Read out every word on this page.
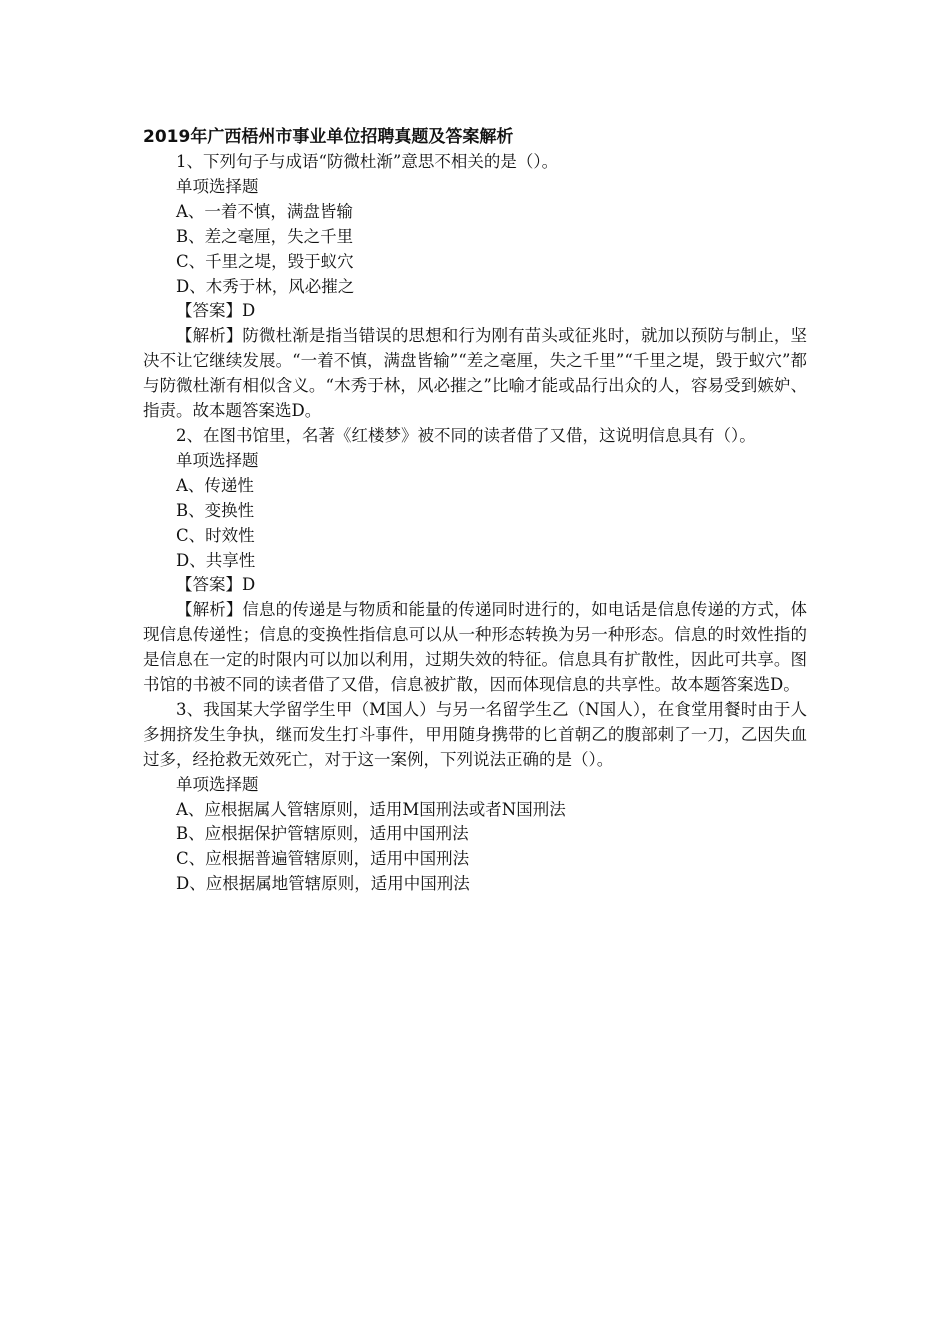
2019年广西梧州市事业单位招聘真题及答案解析
1、下列句子与成语“防微杜渐”意思不相关的是（）。
单项选择题
A、一着不慎，满盘皆输
B、差之毫厘，失之千里
C、千里之堤，毁于蚁穴
D、木秀于林，风必摧之
【答案】D
【解析】防微杜渐是指当错误的思想和行为刚有苗头或征兆时，就加以预防与制止，坚决不让它继续发展。“一着不慎，满盘皆输”“差之毫厘，失之千里”“千里之堤，毁于蚁穴”都与防微杜渐有相似含义。“木秀于林，风必摧之”比喻才能或品行出众的人，容易受到嫉妒、指责。故本题答案选D。
2、在图书馆里，名著《红楼梦》被不同的读者借了又借，这说明信息具有（）。
单项选择题
A、传递性
B、变换性
C、时效性
D、共享性
【答案】D
【解析】信息的传递是与物质和能量的传递同时进行的，如电话是信息传递的方式，体现信息传递性；信息的变换性指信息可以从一种形态转换为另一种形态。信息的时效性指的是信息在一定的时限内可以加以利用，过期失效的特征。信息具有扩散性，因此可共享。图书馆的书被不同的读者借了又借，信息被扩散，因而体现信息的共享性。故本题答案选D。
3、我国某大学留学生甲（M国人）与另一名留学生乙（N国人），在食堂用餐时由于人多拥挤发生争执，继而发生打斗事件，甲用随身携带的匕首朝乙的腹部刺了一刀，乙因失血过多，经抢救无效死亡，对于这一案例，下列说法正确的是（）。
单项选择题
A、应根据属人管辖原则，适用M国刑法或者N国刑法
B、应根据保护管辖原则，适用中国刑法
C、应根据普遍管辖原则，适用中国刑法
D、应根据属地管辖原则，适用中国刑法
